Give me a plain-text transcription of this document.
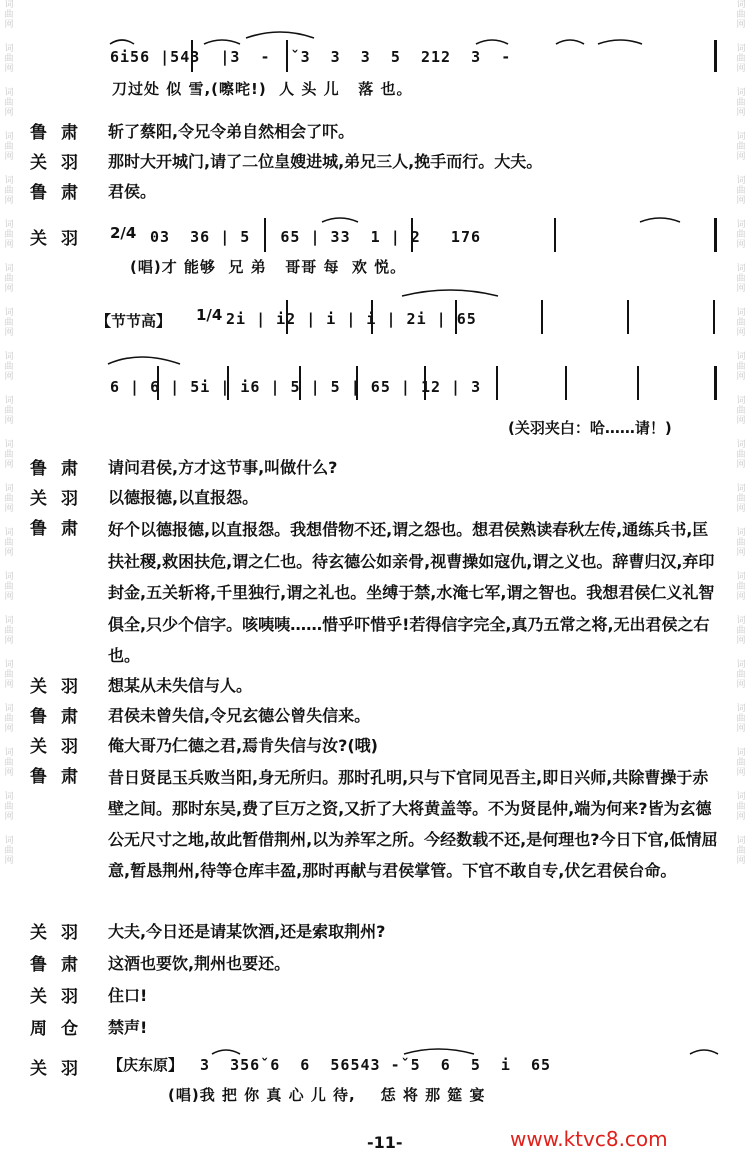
词曲网
词曲网
词曲网
词曲网
词曲网
词曲网
词曲网
词曲网
词曲网
词曲网
词曲网
词曲网
词曲网
词曲网
词曲网
词曲网
词曲网
词曲网
词曲网
词曲网
词曲网
词曲网
词曲网
词曲网
词曲网
词曲网
词曲网
词曲网
词曲网
词曲网
词曲网
词曲网
词曲网
词曲网
词曲网
词曲网
词曲网
词曲网
词曲网
词曲网
6i56 |543  |3  -  ˇ3  3  3  5  212  3  -
刀过处 似 雪,(嚓咤!)  人 头 儿   落 也。
鲁肃 斩了蔡阳,令兄令弟自然相会了吓。
关羽 那时大开城门,请了二位皇嫂进城,弟兄三人,挽手而行。大夫。
鲁肃 君侯。
关羽 2/4 03  36 | 5   65 | 33  1 | 2   176
(唱)才 能够  兄 弟   哥哥 每  欢 悦。
【节节高】 1/4 2i | i2 | i | i | 2i | 65
6 | 6 | 5i | i6 | 5 | 5 | 65 | 12 | 3
(关羽夹白：哈……请！)
鲁肃 请问君侯,方才这节事,叫做什么?
关羽 以德报德,以直报怨。
鲁肃 好个以德报德,以直报怨。我想借物不还,谓之怨也。想君侯熟读春秋左传,通练兵书,匡扶社稷,救困扶危,谓之仁也。待玄德公如亲骨,视曹操如寇仇,谓之义也。辞曹归汉,弃印封金,五关斩将,千里独行,谓之礼也。坐缚于禁,水淹七军,谓之智也。我想君侯仁义礼智俱全,只少个信字。咳咦咦……惜乎吓惜乎!若得信字完全,真乃五常之将,无出君侯之右也。
关羽 想某从未失信与人。
鲁肃 君侯未曾失信,令兄玄德公曾失信来。
关羽 俺大哥乃仁德之君,焉肯失信与汝?(哦)
鲁肃 昔日贤昆玉兵败当阳,身无所归。那时孔明,只与下官同见吾主,即日兴师,共除曹操于赤壁之间。那时东吴,费了巨万之资,又折了大将黄盖等。不为贤昆仲,端为何来?皆为玄德公无尺寸之地,故此暂借荆州,以为养军之所。今经数载不还,是何理也?今日下官,低情屈意,暂恳荆州,待等仓库丰盈,那时再献与君侯掌管。下官不敢自专,伏乞君侯台命。
关羽 大夫,今日还是请某饮酒,还是索取荆州?
鲁肃 这酒也要饮,荆州也要还。
关羽 住口!
周仓 禁声!
关羽 【庆东原】 3  356ˇ6  6  56543 -ˇ5  6  5  i  65
(唱)我 把 你 真 心 儿 待,    恁 将 那 筵 宴
-11-	www.ktvc8.com
